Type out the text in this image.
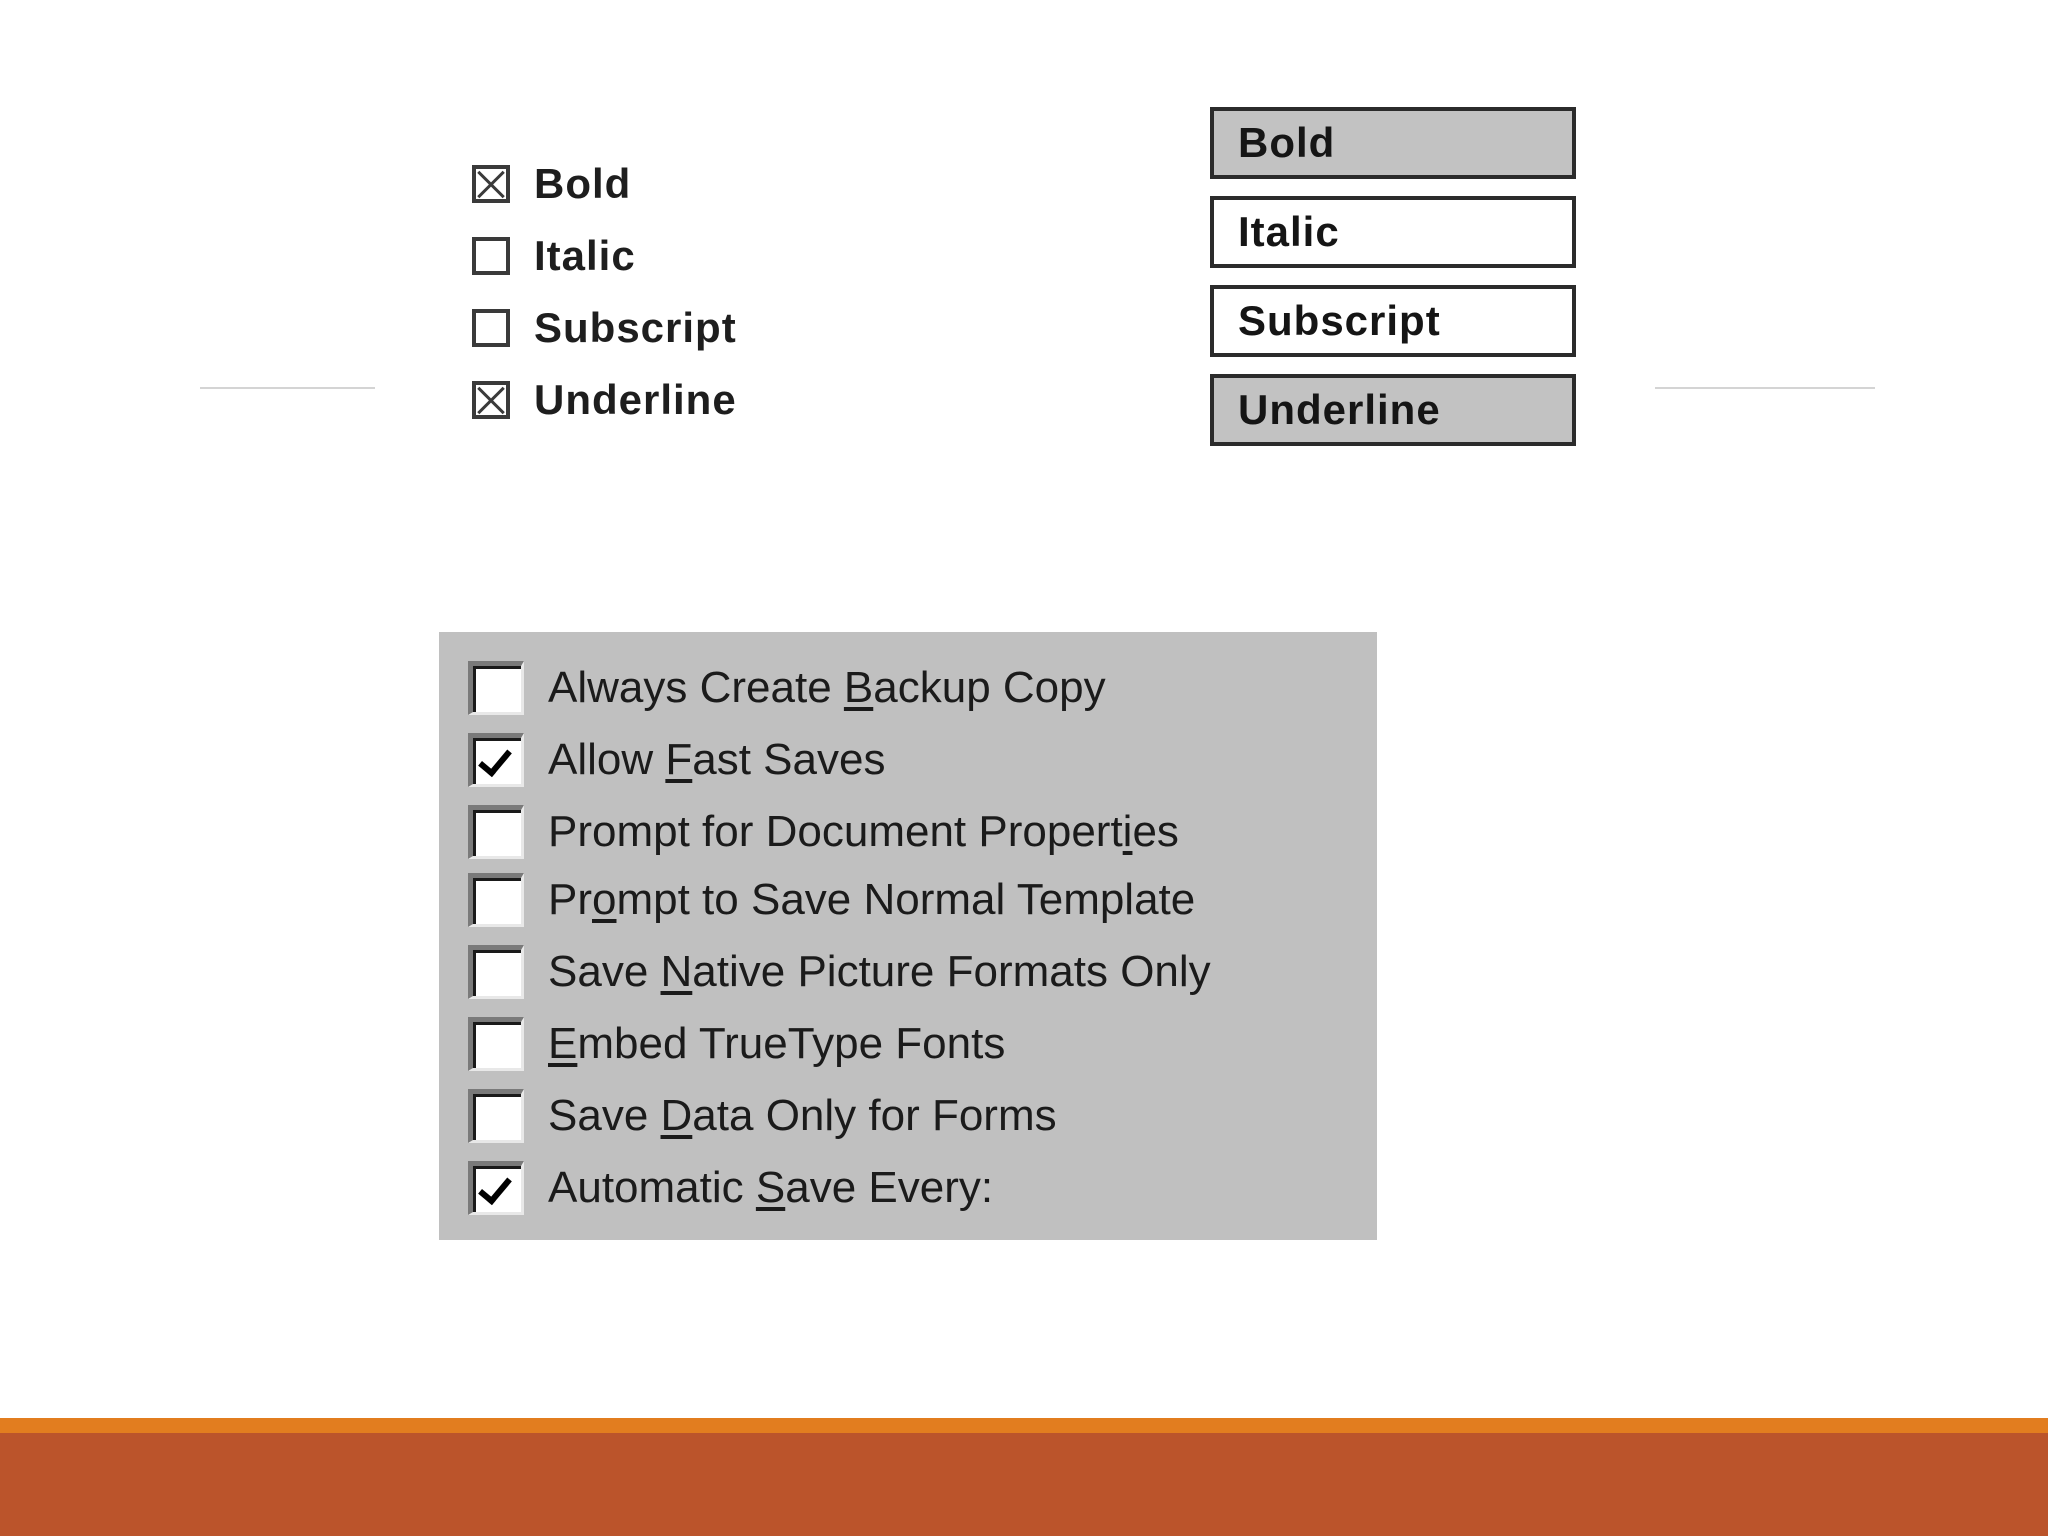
Bold
Italic
Subscript
Underline
Bold
Italic
Subscript
Underline
Always Create Backup Copy
Allow Fast Saves
Prompt for Document Properties
Prompt to Save Normal Template
Save Native Picture Formats Only
Embed TrueType Fonts
Save Data Only for Forms
Automatic Save Every:
